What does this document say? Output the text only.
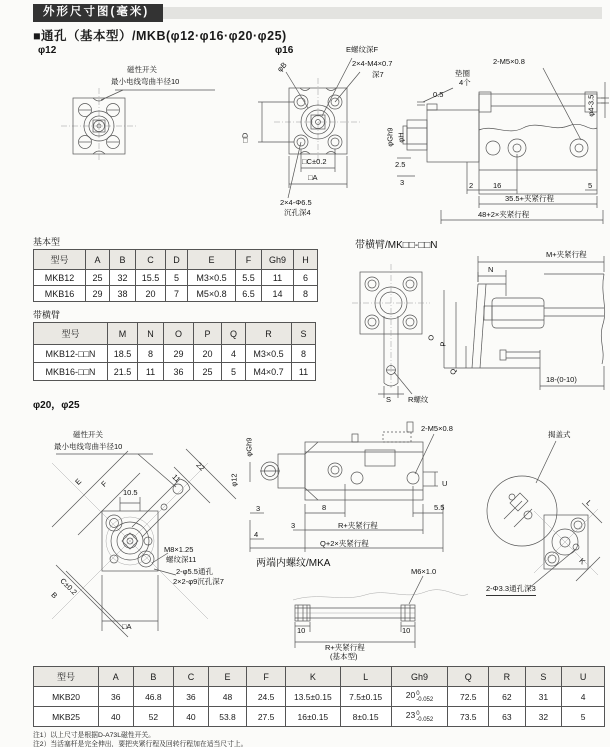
外形尺寸图(毫米)
■通孔（基本型）/MKB(φ12·φ16·φ20·φ25)
φ12	φ16
磁性开关
最小电线弯曲半径10
E螺纹深F
2×4-M4×0.7
深7
φB
□D
□C±0.2
□A
2×4-Φ6.5
沉孔深4
垫圈
4个
0.5
2-M5×0.8
φ4-3.5
φGh9 φH
2.5
3	2	16	5
35.5+夹紧行程
48+2×夹紧行程
基本型
型号	A	B	C	D	E	F	Gh9	H
MKB12	25	32	15.5	5	M3×0.5	5.5	11	6
MKB16	29	38	20	7	M5×0.8	6.5	14	8
带横臂
型号	M	N	O	P	Q	R	S
MKB12-□□N	18.5	8	29	20	4	M3×0.5	8
MKB16-□□N	21.5	11	36	25	5	M4×0.7	11
带横臂/MK□□-□□N
S R螺纹
M+夹紧行程
N
O
P
Q
18-(0-10)
φ20，φ25
磁性开关
最小电线弯曲半径10
E F
22
11
10.5
M8×1.25
螺纹深11
2-φ5.5通孔
2×2-φ9沉孔深7
C±0.2
B
□A
φGh9
φ12
2-M5×0.8
U
3	8	5.5
3
4
R+夹紧行程
Q+2×夹紧行程
揭盖式
L
K
2-Φ3.3通孔深3
两端内螺纹/MKA
M6×1.0
10	10
R+夹紧行程
(基本型)
型号	A	B	C	E	F	K	L	Gh9	Q	R	S	U
MKB20	36	46.8	36	48	24.5	13.5±0.15	7.5±0.15	20 0
-0.052	72.5	62	31	4
MKB25	40	52	40	53.8	27.5	16±0.15	8±0.15	23 0
-0.052	73.5	63	32	5
注1）以上尺寸是根据D-A73L磁性开关。
注2）当活塞杆是完全伸出，要把夹紧行程及回转行程加在适当尺寸上。
